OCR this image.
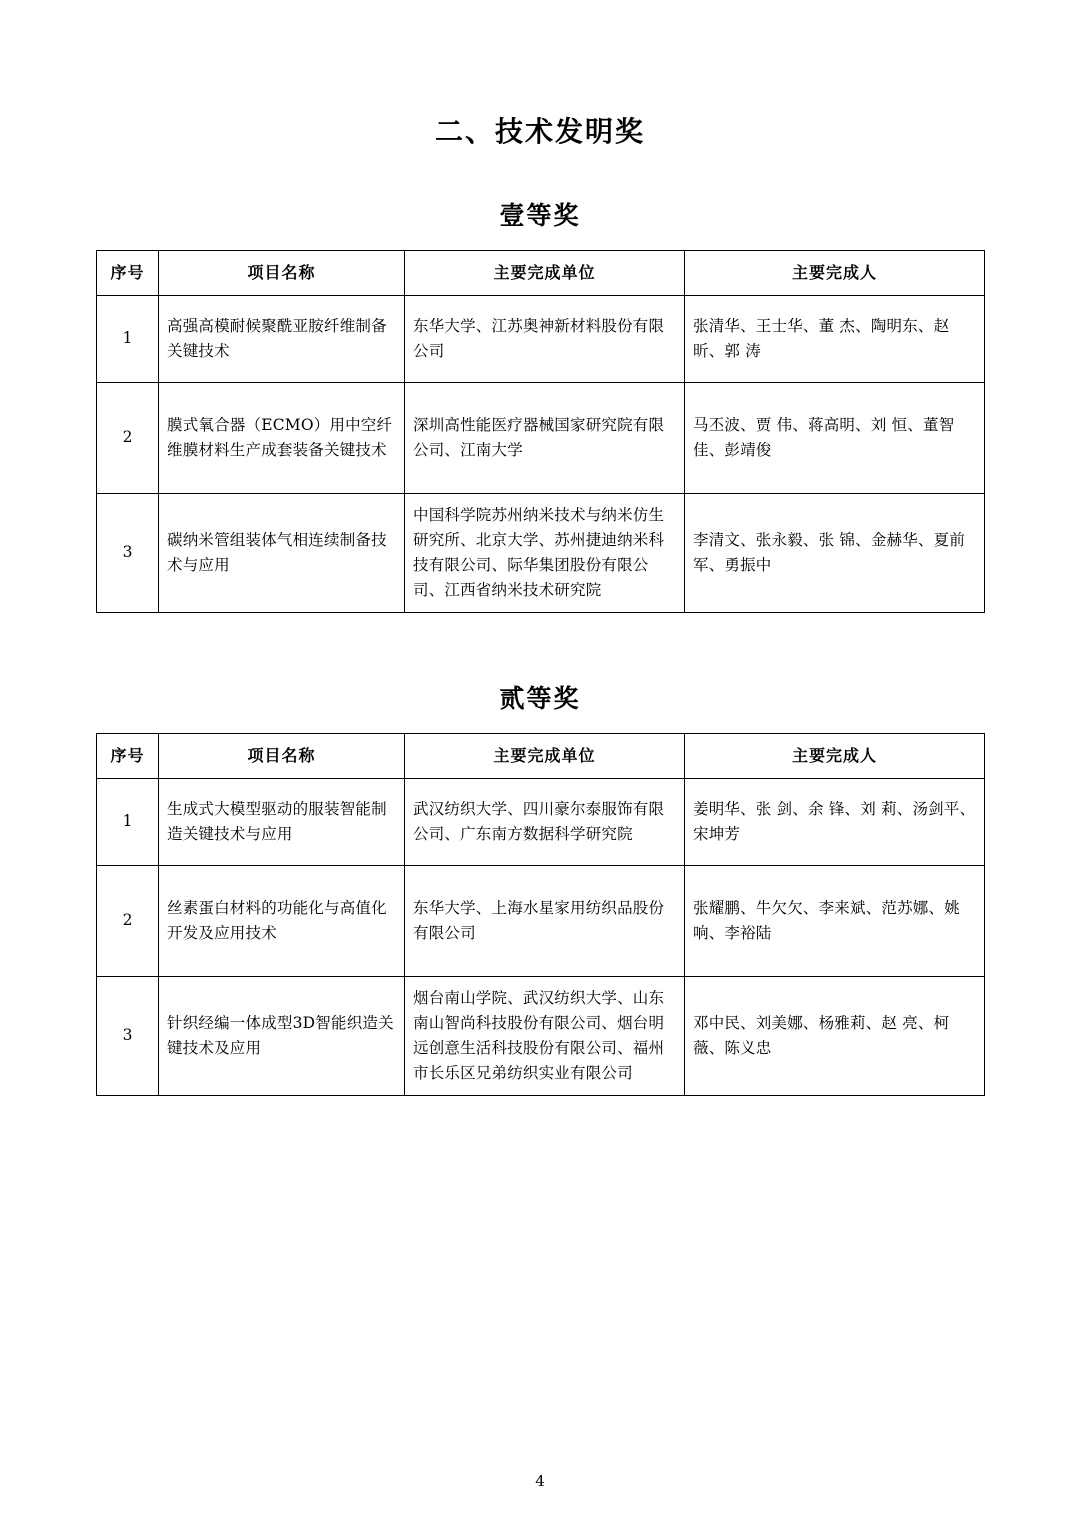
二、技术发明奖
壹等奖
序号	项目名称	主要完成单位	主要完成人
1	高强高模耐候聚酰亚胺纤维制备关键技术	东华大学、江苏奥神新材料股份有限公司	张清华、王士华、董 杰、陶明东、赵 昕、郭 涛
2	膜式氧合器（ECMO）用中空纤维膜材料生产成套装备关键技术	深圳高性能医疗器械国家研究院有限公司、江南大学	马丕波、贾 伟、蒋高明、刘 恒、董智佳、彭靖俊
3	碳纳米管组装体气相连续制备技术与应用	中国科学院苏州纳米技术与纳米仿生研究所、北京大学、苏州捷迪纳米科技有限公司、际华集团股份有限公司、江西省纳米技术研究院	李清文、张永毅、张 锦、金赫华、夏前军、勇振中
贰等奖
序号	项目名称	主要完成单位	主要完成人
1	生成式大模型驱动的服装智能制造关键技术与应用	武汉纺织大学、四川豪尔泰服饰有限公司、广东南方数据科学研究院	姜明华、张 剑、余 锋、刘 莉、汤剑平、宋坤芳
2	丝素蛋白材料的功能化与高值化开发及应用技术	东华大学、上海水星家用纺织品股份有限公司	张耀鹏、牛欠欠、李来斌、范苏娜、姚 响、李裕陆
3	针织经编一体成型3D智能织造关键技术及应用	烟台南山学院、武汉纺织大学、山东南山智尚科技股份有限公司、烟台明远创意生活科技股份有限公司、福州市长乐区兄弟纺织实业有限公司	邓中民、刘美娜、杨雅莉、赵 亮、柯 薇、陈义忠
4
